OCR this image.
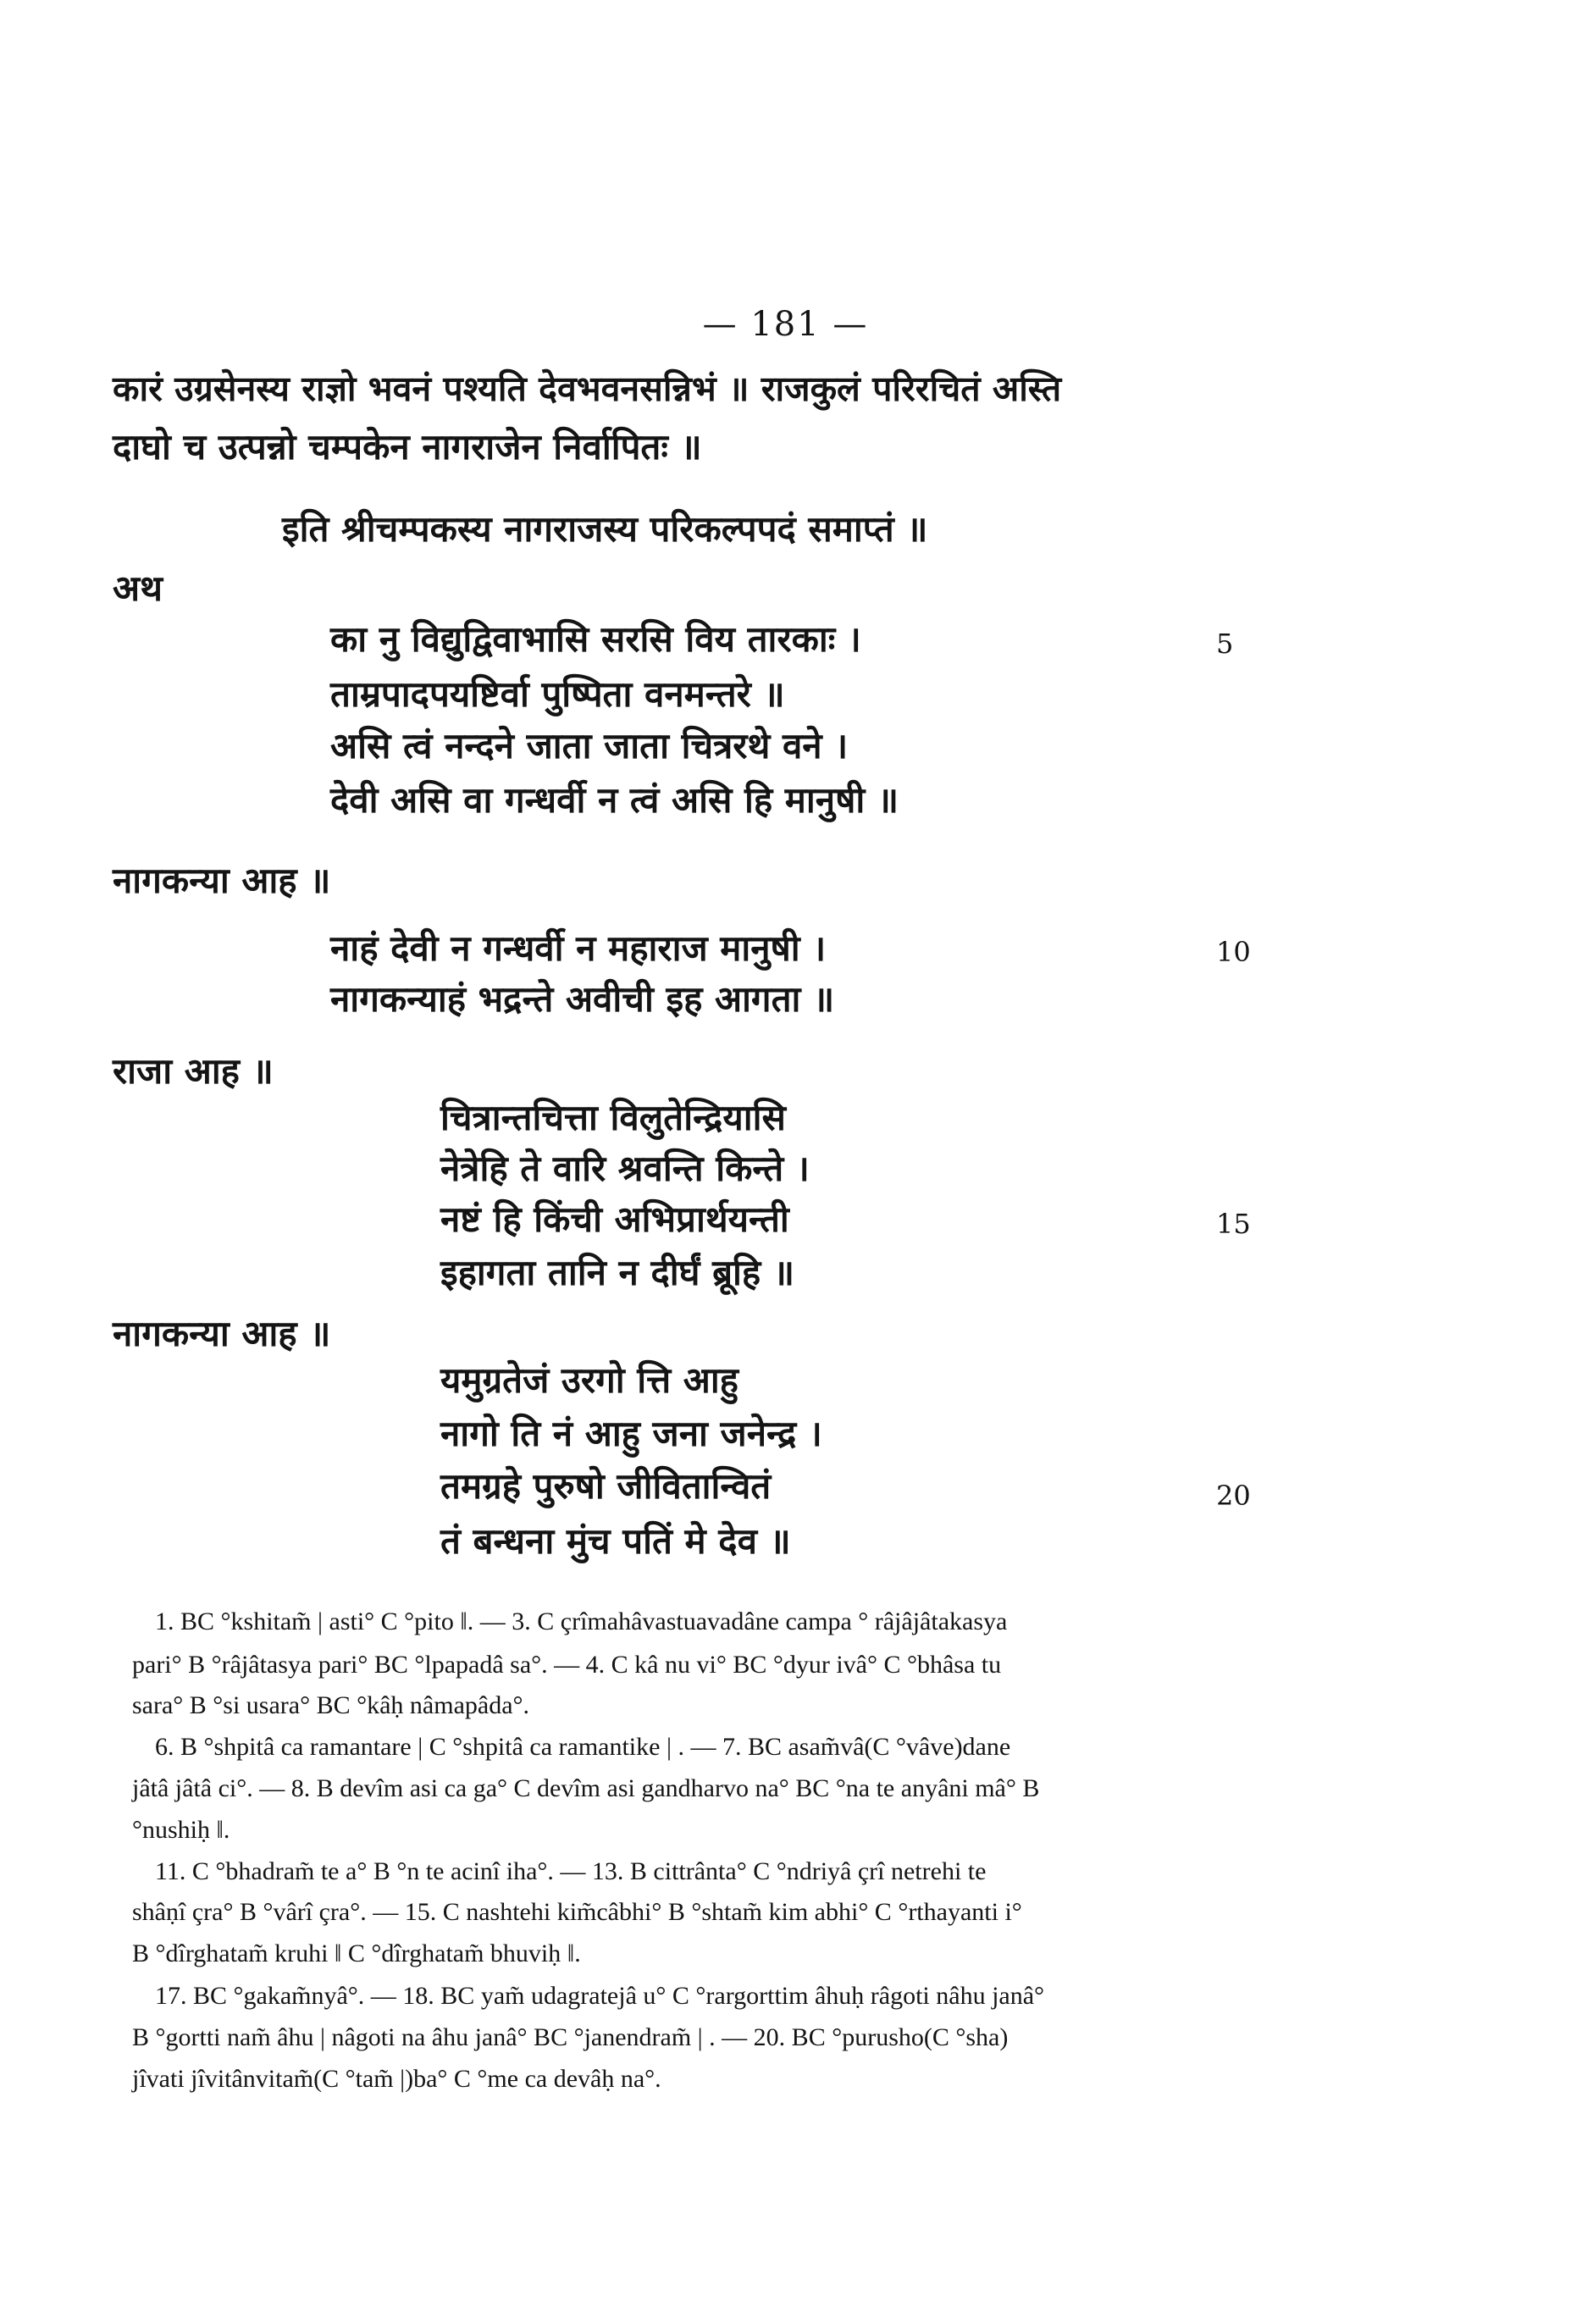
— 181 —
कारं उग्रसेनस्य राज्ञो भवनं पश्यति देवभवनसन्निभं ॥ राजकुलं परिरचितं अस्ति
दाघो च उत्पन्नो चम्पकेन नागराजेन निर्वापितः ॥
इति श्रीचम्पकस्य नागराजस्य परिकल्पपदं समाप्तं ॥
अथ
का नु विद्युद्विवाभासि सरसि विय तारकाः ।
ताम्रपादपयष्टिर्वा पुष्पिता वनमन्तरे ॥
असि त्वं नन्दने जाता जाता चित्ररथे वने ।
देवी असि वा गन्धर्वी न त्वं असि हि मानुषी ॥
5
नागकन्या आह ॥
नाहं देवी न गन्धर्वी न महाराज मानुषी ।
नागकन्याहं भद्रन्ते अवीची इह आगता ॥
10
राजा आह ॥
चित्रान्तचित्ता विलुतेन्द्रियासि
नेत्रेहि ते वारि श्रवन्ति किन्ते ।
नष्टं हि किंची अभिप्रार्थयन्ती
इहागता तानि न दीर्घं ब्रूहि ॥
15
नागकन्या आह ॥
यमुग्रतेजं उरगो त्ति आहु
नागो ति नं आहु जना जनेन्द्र ।
तमग्रहे पुरुषो जीवितान्वितं
तं बन्धना मुंच पतिं मे देव ॥
20
1. BC °kshitam̃ | asti° C °pito ‖. — 3. C çrîmahâvastuavadâne campa ° râjâjâtakasya
pari° B °râjâtasya pari° BC °lpapadâ sa°. — 4. C kâ nu vi° BC °dyur ivâ° C °bhâsa tu
sara° B °si usara° BC °kâḥ nâmapâda°.
6. B °shpitâ ca ramantare | C °shpitâ ca ramantike | . — 7. BC asam̃vâ(C °vâve)dane
jâtâ jâtâ ci°. — 8. B devîm asi ca ga° C devîm asi gandharvo na° BC °na te anyâni mâ° B
°nushiḥ ‖.
11. C °bhadram̃ te a° B °n te acinî iha°. — 13. B cittrânta° C °ndriyâ çrî netrehi te
shâṇî çra° B °vârî çra°. — 15. C nashtehi kim̃câbhi° B °shtam̃ kim abhi° C °rthayanti i°
B °dîrghatam̃ kruhi ‖ C °dîrghatam̃ bhuviḥ ‖.
17. BC °gakam̃nyâ°. — 18. BC yam̃ udagratejâ u° C °rargorttim âhuḥ râgoti nâhu janâ°
B °gortti nam̃ âhu | nâgoti na âhu janâ° BC °janendram̃ | . — 20. BC °purusho(C °sha)
jîvati jîvitânvitam̃(C °tam̃ |)ba° C °me ca devâḥ na°.
